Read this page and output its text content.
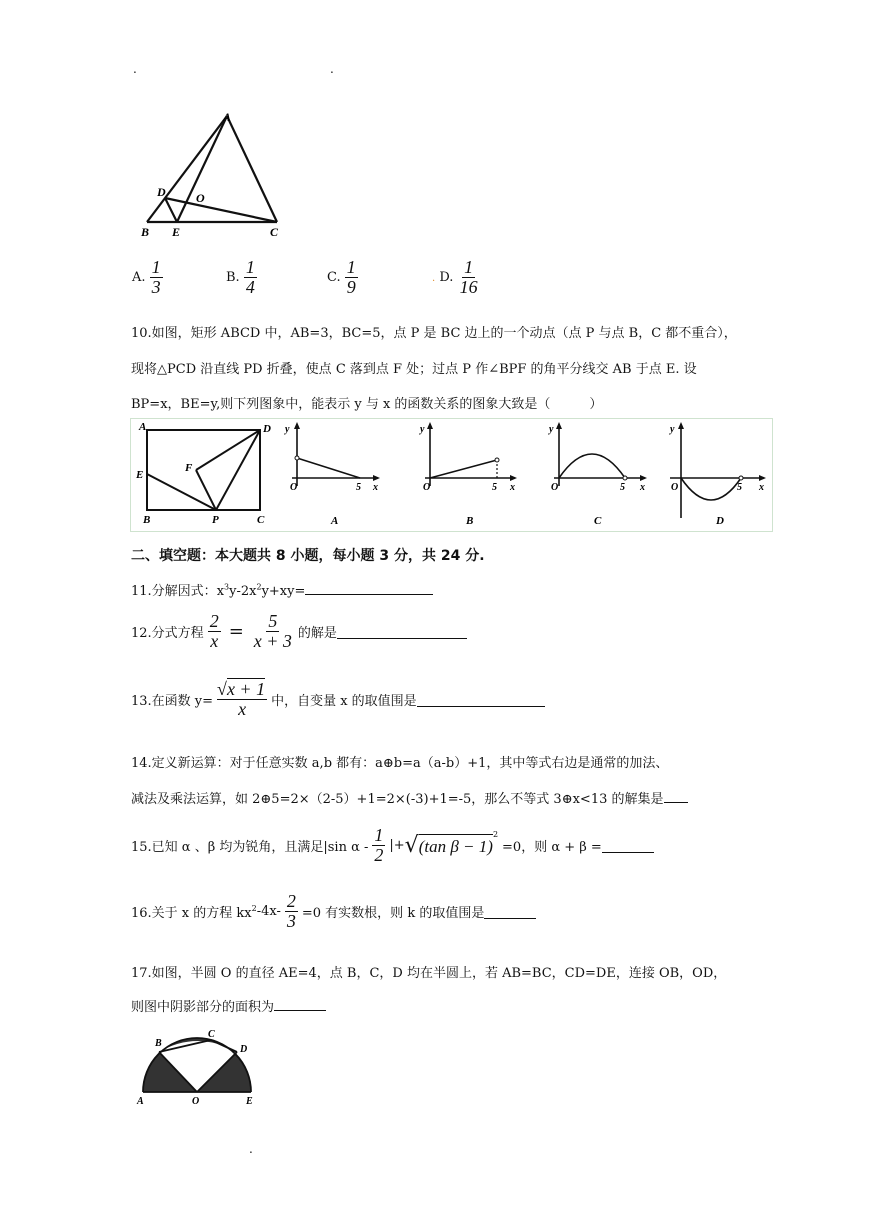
.	.
A
D	O
B E	C
A. $\frac{1}{3}$	B. $\frac{1}{4}$	C. $\frac{1}{9}$	. D. $\frac{1}{16}$
10.如图，矩形 ABCD 中，AB=3，BC=5，点 P 是 BC 边上的一个动点（点 P 与点 B，C 都不重合），
现将△PCD 沿直线 PD 折叠，使点 C 落到点 F 处；过点 P 作∠BPF 的角平分线交 AB 于点 E. 设
BP=x，BE=y,则下列图象中，能表示 y 与 x 的函数关系的图象大致是（　　　）
A	D
E
F
B	P	C
y
O	5 x
A
y
O	5 x
B
y
O	5 x
C
y
O	5 x
D
二、填空题：本大题共 8 小题，每小题 3 分，共 24 分.
11.分解因式：$x^3y-2x^2y+xy=$
12.分式方程 $\frac{2}{x} = \frac{5}{x + 3}$ 的解是
13.在函数 $y= \frac{√x + 1}{x}$ 中，自变量 x 的取值围是
14.定义新运算：对于任意实数 a,b 都有：a⊕b=a（a-b）+1，其中等式右边是通常的加法、
减法及乘法运算，如 2⊕5=2×（2-5）+1=2×(-3)+1=-5，那么不等式 3⊕x<13 的解集是
15.已知 α 、β 均为锐角，且满足|sin α - $\frac{1}{2}$ |+ √ (tan β − 1)
2
=0，则 α + β =
16.关于 x 的方程 kx 2 $-4x- \frac{2}{3} =0$ 有实数根，则 k 的取值围是
17.如图，半圆 O 的直径 AE=4，点 B，C，D 均在半圆上，若 AB=BC，CD=DE，连接 OB，OD，
则图中阴影部分的面积为
B
C
D
A	O	E
.
